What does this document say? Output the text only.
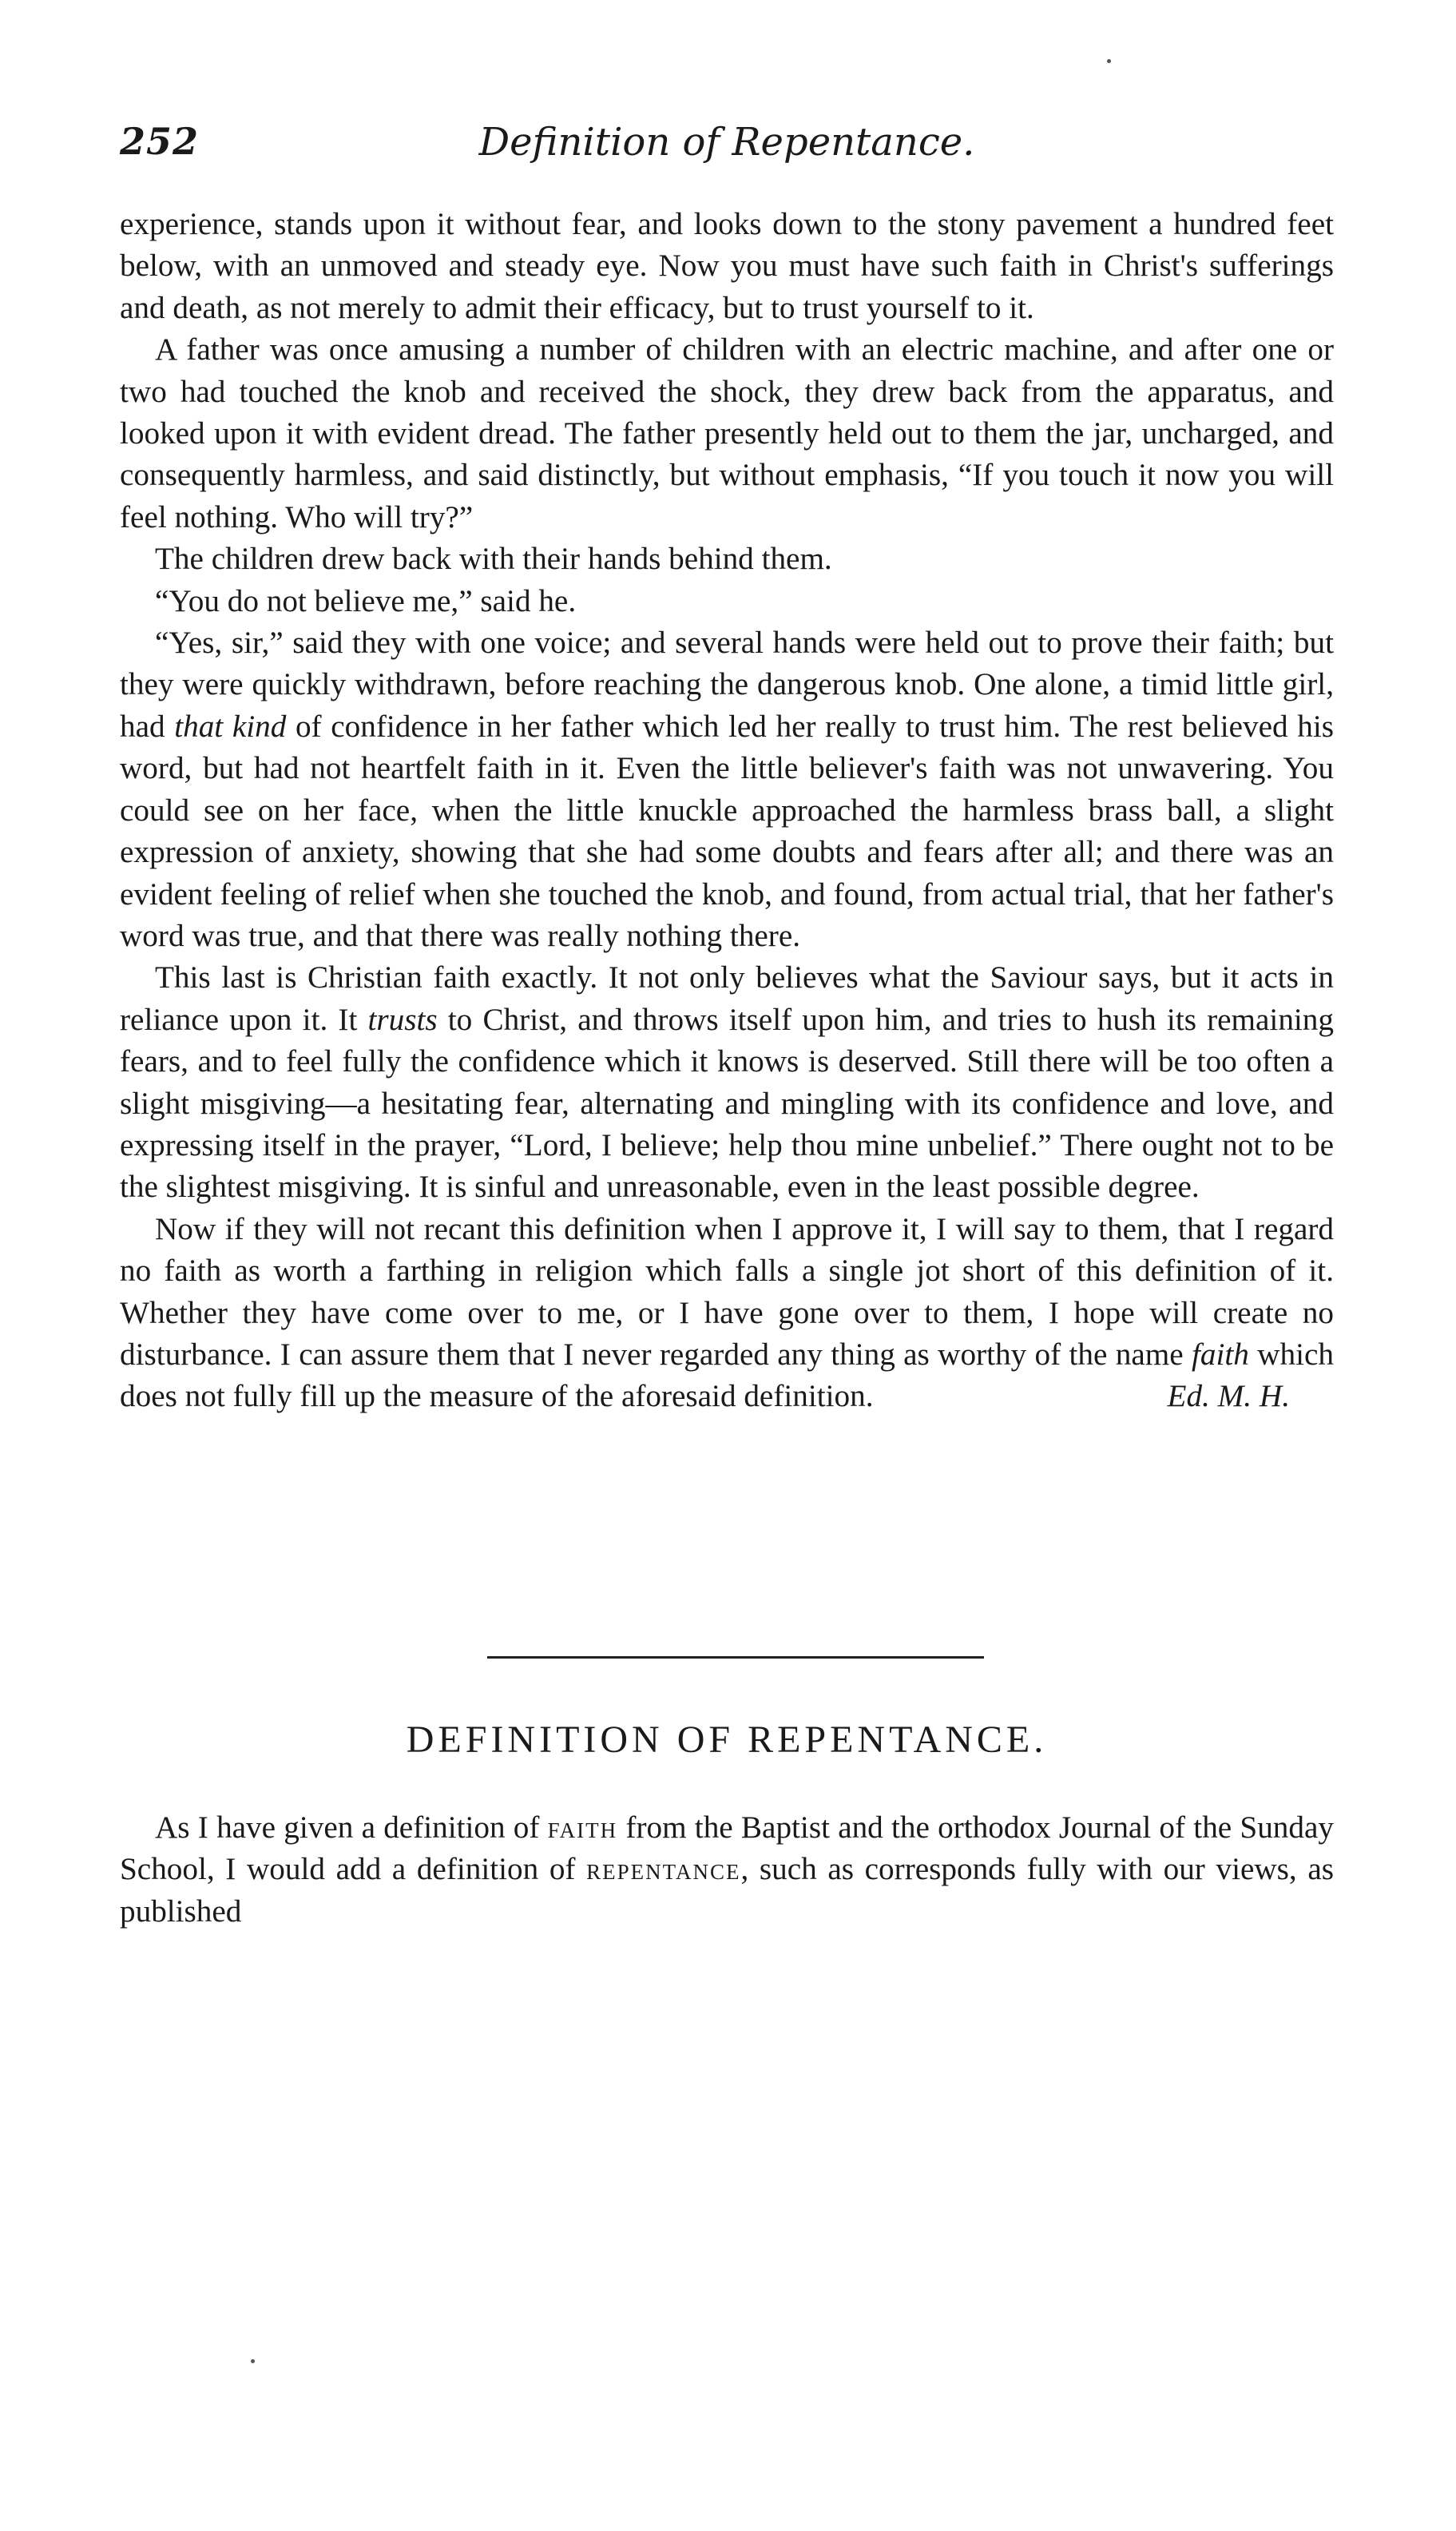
252	Definition of Repentance.

experience, stands upon it without fear, and looks down to the stony pavement a hundred feet below, with an unmoved and steady eye. Now you must have such faith in Christ's sufferings and death, as not merely to admit their efficacy, but to trust yourself to it.

A father was once amusing a number of children with an electric machine, and after one or two had touched the knob and received the shock, they drew back from the apparatus, and looked upon it with evident dread. The father presently held out to them the jar, uncharged, and consequently harmless, and said distinctly, but without emphasis, “If you touch it now you will feel nothing. Who will try?”

The children drew back with their hands behind them.

“You do not believe me,” said he.

“Yes, sir,” said they with one voice; and several hands were held out to prove their faith; but they were quickly withdrawn, before reaching the dangerous knob. One alone, a timid little girl, had that kind of confidence in her father which led her really to trust him. The rest believed his word, but had not heartfelt faith in it. Even the little believer's faith was not unwavering. You could see on her face, when the little knuckle approached the harmless brass ball, a slight expression of anxiety, showing that she had some doubts and fears after all; and there was an evident feeling of relief when she touched the knob, and found, from actual trial, that her father's word was true, and that there was really nothing there.

This last is Christian faith exactly. It not only believes what the Saviour says, but it acts in reliance upon it. It trusts to Christ, and throws itself upon him, and tries to hush its remaining fears, and to feel fully the confidence which it knows is deserved. Still there will be too often a slight misgiving—a hesitating fear, alternating and mingling with its confidence and love, and expressing itself in the prayer, “Lord, I believe; help thou mine unbelief.” There ought not to be the slightest misgiving. It is sinful and unreasonable, even in the least possible degree.

Now if they will not recant this definition when I approve it, I will say to them, that I regard no faith as worth a farthing in religion which falls a single jot short of this definition of it. Whether they have come over to me, or I have gone over to them, I hope will create no disturbance. I can assure them that I never regarded any thing as worthy of the name faith which does not fully fill up the measure of the aforesaid definition.	Ed. M. H.

DEFINITION OF REPENTANCE.

As I have given a definition of faith from the Baptist and the orthodox Journal of the Sunday School, I would add a definition of repentance, such as corresponds fully with our views, as published
